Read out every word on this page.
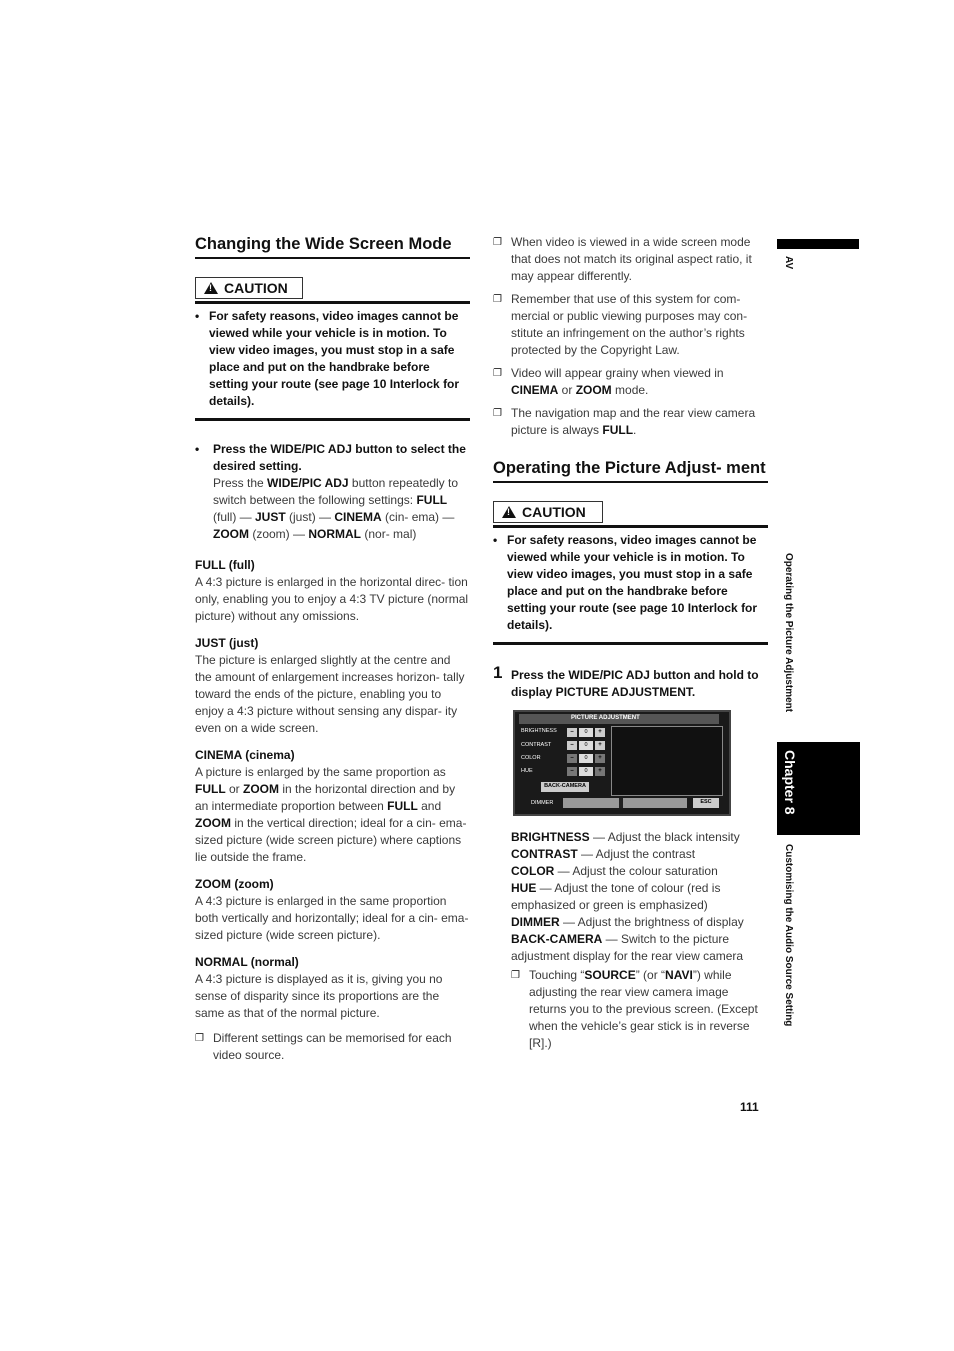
Changing the Wide Screen Mode
!
CAUTION
• For safety reasons, video images cannot be viewed while your vehicle is in motion. To view video images, you must stop in a safe place and put on the handbrake before setting your route (see page 10 Interlock for details).
• Press the WIDE/PIC ADJ button to select the desired setting.

Press the WIDE/PIC ADJ button repeatedly to switch between the following settings: FULL (full) — JUST (just) — CINEMA (cin- ema) — ZOOM (zoom) — NORMAL (nor- mal)

FULL (full)

A 4:3 picture is enlarged in the horizontal direc- tion only, enabling you to enjoy a 4:3 TV picture (normal picture) without any omissions.

JUST (just)

The picture is enlarged slightly at the centre and the amount of enlargement increases horizon- tally toward the ends of the picture, enabling you to enjoy a 4:3 picture without sensing any dispar- ity even on a wide screen.

CINEMA (cinema)

A picture is enlarged by the same proportion as FULL or ZOOM in the horizontal direction and by an intermediate proportion between FULL and ZOOM in the vertical direction; ideal for a cin- ema-sized picture (wide screen picture) where captions lie outside the frame.

ZOOM (zoom)

A 4:3 picture is enlarged in the same proportion both vertically and horizontally; ideal for a cin- ema-sized picture (wide screen picture).

NORMAL (normal)

A 4:3 picture is displayed as it is, giving you no sense of disparity since its proportions are the same as that of the normal picture.

❐ Different settings can be memorised for each video source.
❐ When video is viewed in a wide screen mode that does not match its original aspect ratio, it may appear differently.
❐ Remember that use of this system for com- mercial or public viewing purposes may con- stitute an infringement on the author’s rights protected by the Copyright Law.
❐ Video will appear grainy when viewed in CINEMA or ZOOM mode.
❐ The navigation map and the rear view camera picture is always FULL.
Operating the Picture Adjust- ment
!
CAUTION
• For safety reasons, video images cannot be viewed while your vehicle is in motion. To view video images, you must stop in a safe place and put on the handbrake before setting your route (see page 10 Interlock for details).
1 Press the WIDE/PIC ADJ button and hold to display PICTURE ADJUSTMENT.

BRIGHTNESS — Adjust the black intensity

CONTRAST — Adjust the contrast

COLOR — Adjust the colour saturation

HUE — Adjust the tone of colour (red is emphasized or green is emphasized)

DIMMER — Adjust the brightness of display

BACK-CAMERA — Switch to the picture adjustment display for the rear view camera

❐ Touching “SOURCE” (or “NAVI”) while adjusting the rear view camera image returns you to the previous screen. (Except when the vehicle’s gear stick is in reverse [R].)
PICTURE ADJUSTMENT
BRIGHTNESS	–	0	+
CONTRAST	–	0	+
COLOR	–	0	+
HUE	–	0	+
BACK-CAMERA
DIMMER	ESC
AV
Operating the Picture Adjustment
Chapter 8
Customising the Audio Source Setting
111
